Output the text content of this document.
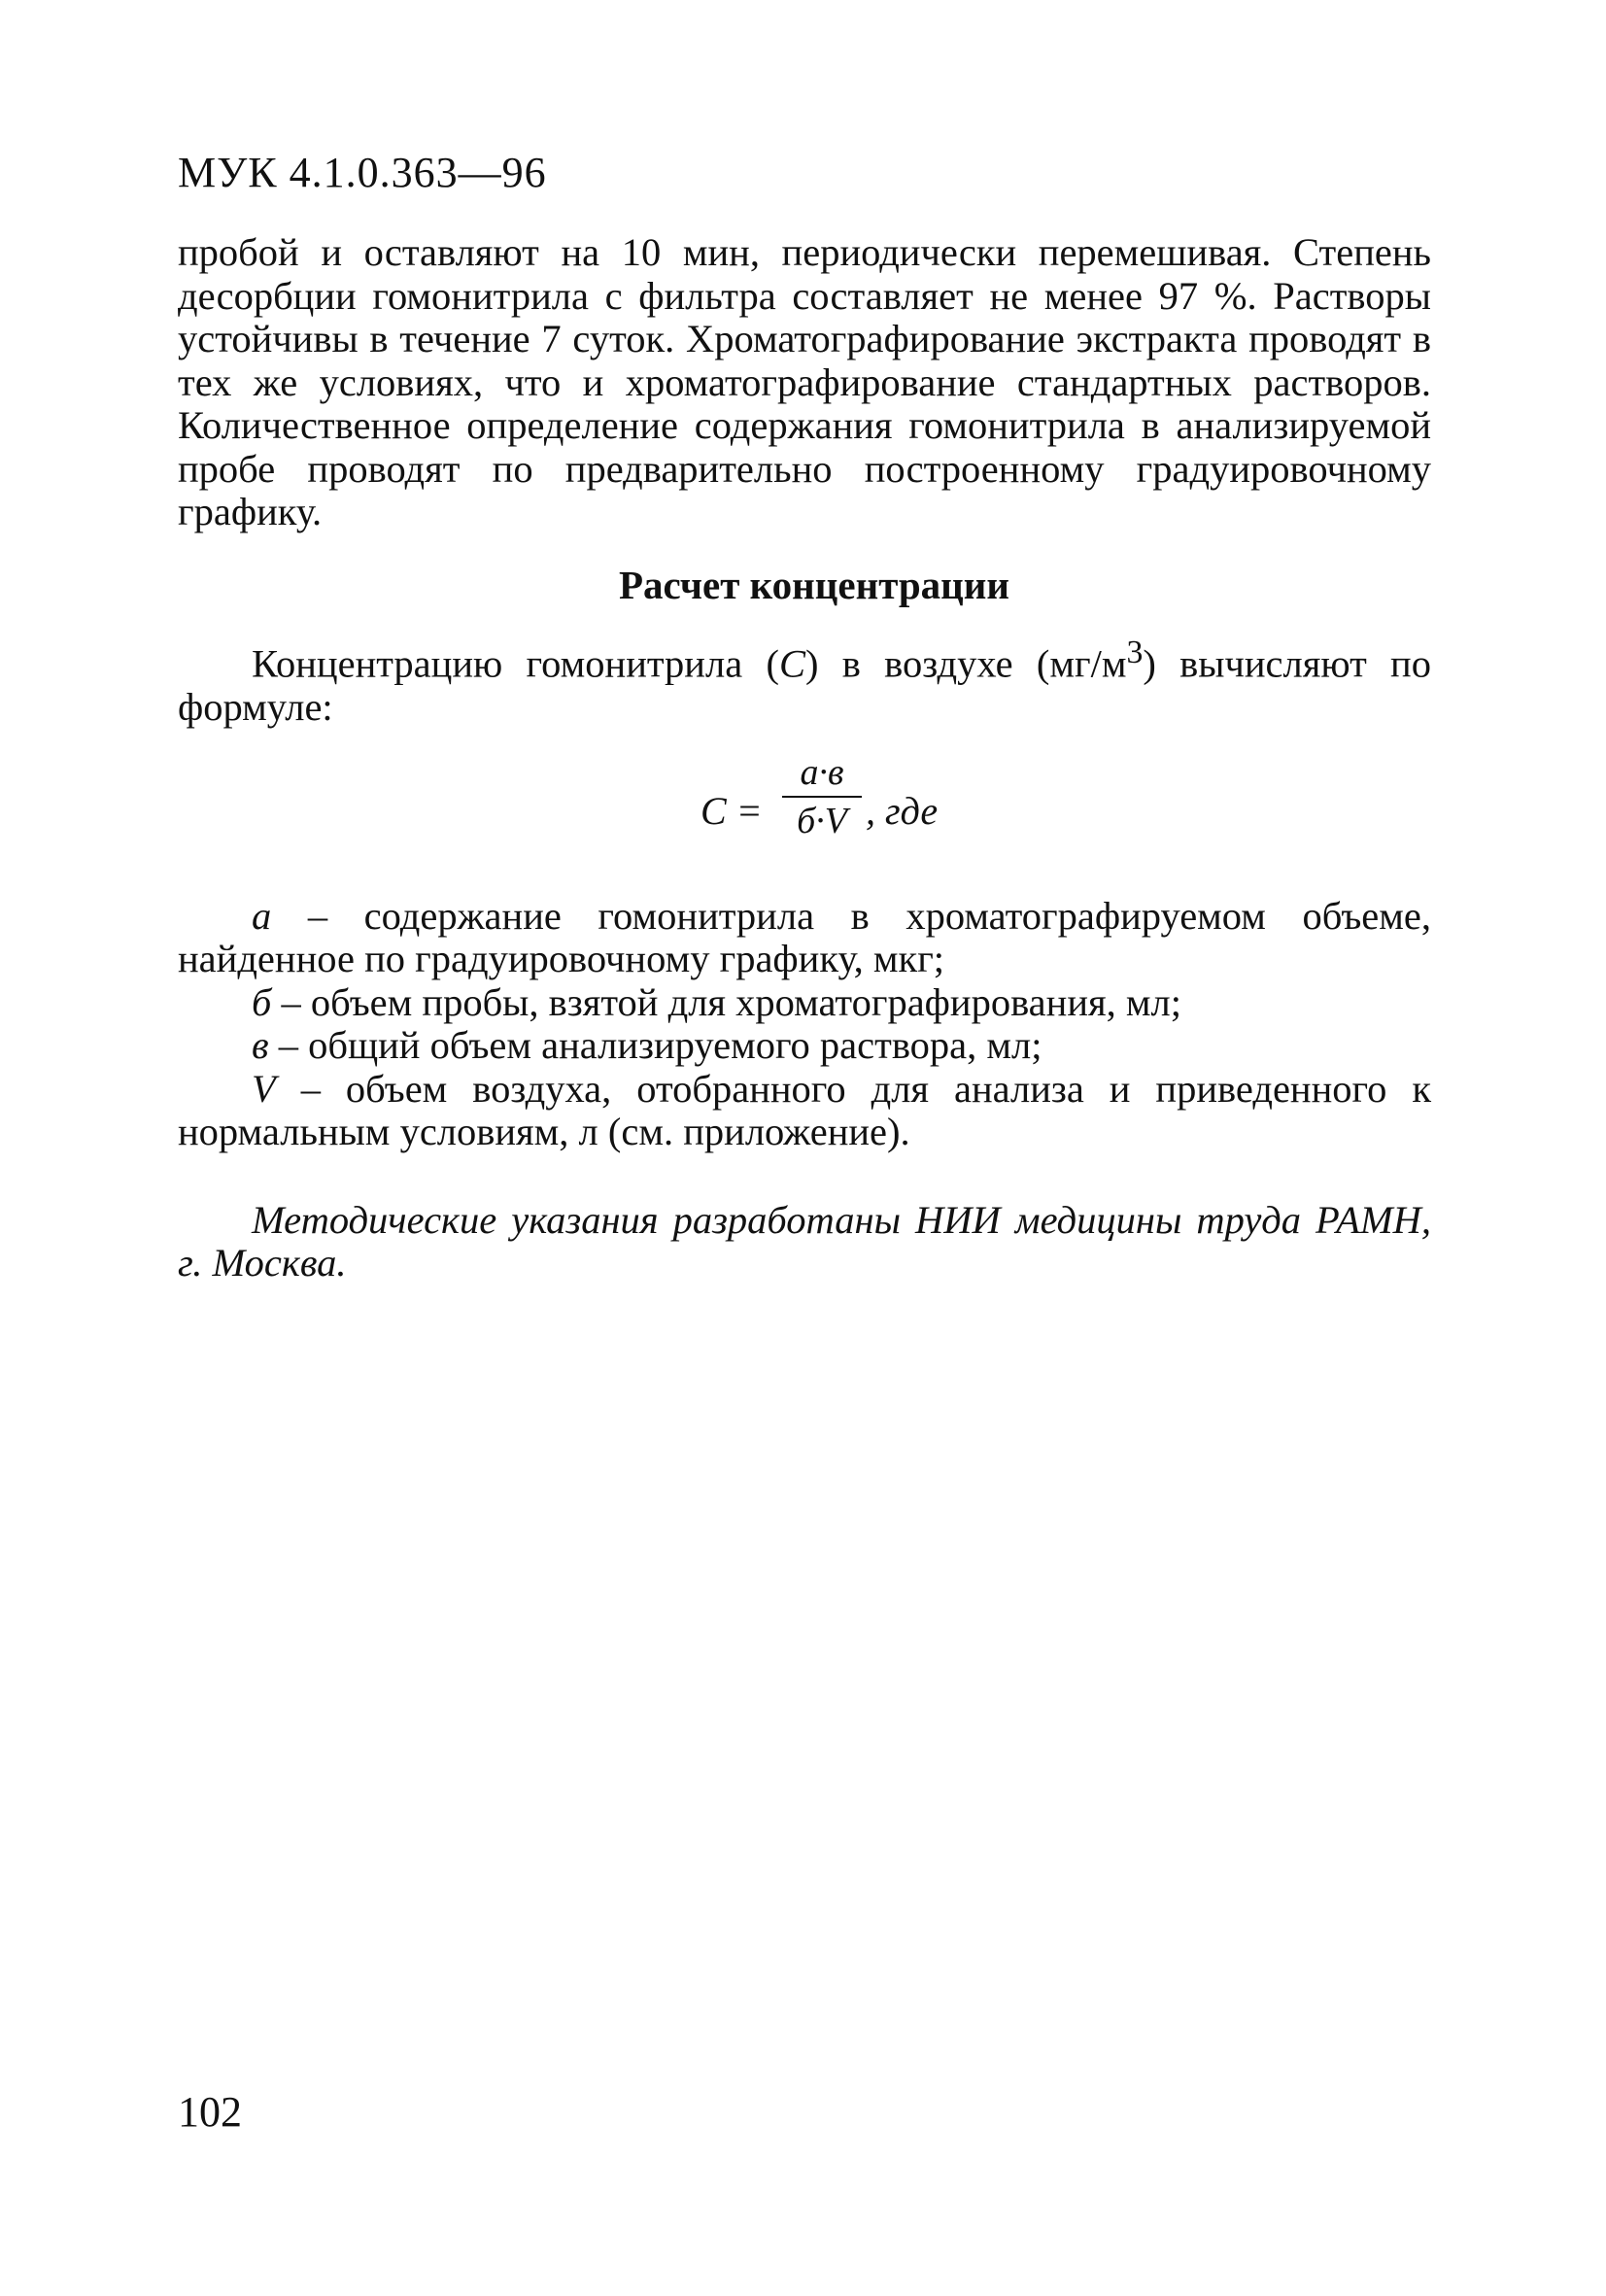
МУК 4.1.0.363—96

пробой и оставляют на 10 мин, периодически перемешивая. Степень десорбции гомонитрила с фильтра составляет не менее 97 %. Растворы устойчивы в течение 7 суток. Хроматографирование экстракта проводят в тех же условиях, что и хроматографирование стандартных растворов. Количественное определение содержания гомонитрила в анализируемой пробе проводят по предварительно построенному градуировочному графику.

Расчет концентрации

Концентрацию гомонитрила (C) в воздухе $(мг/м^3)$ вычисляют по формуле:

C =
а·в
б·V , где

а – содержание гомонитрила в хроматографируемом объеме, найденное по градуировочному графику, мкг;

б – объем пробы, взятой для хроматографирования, мл;

в – общий объем анализируемого раствора, мл;

V – объем воздуха, отобранного для анализа и приведенного к нормальным условиям, л (см. приложение).

Методические указания разработаны НИИ медицины труда РАМН, г. Москва.

102
